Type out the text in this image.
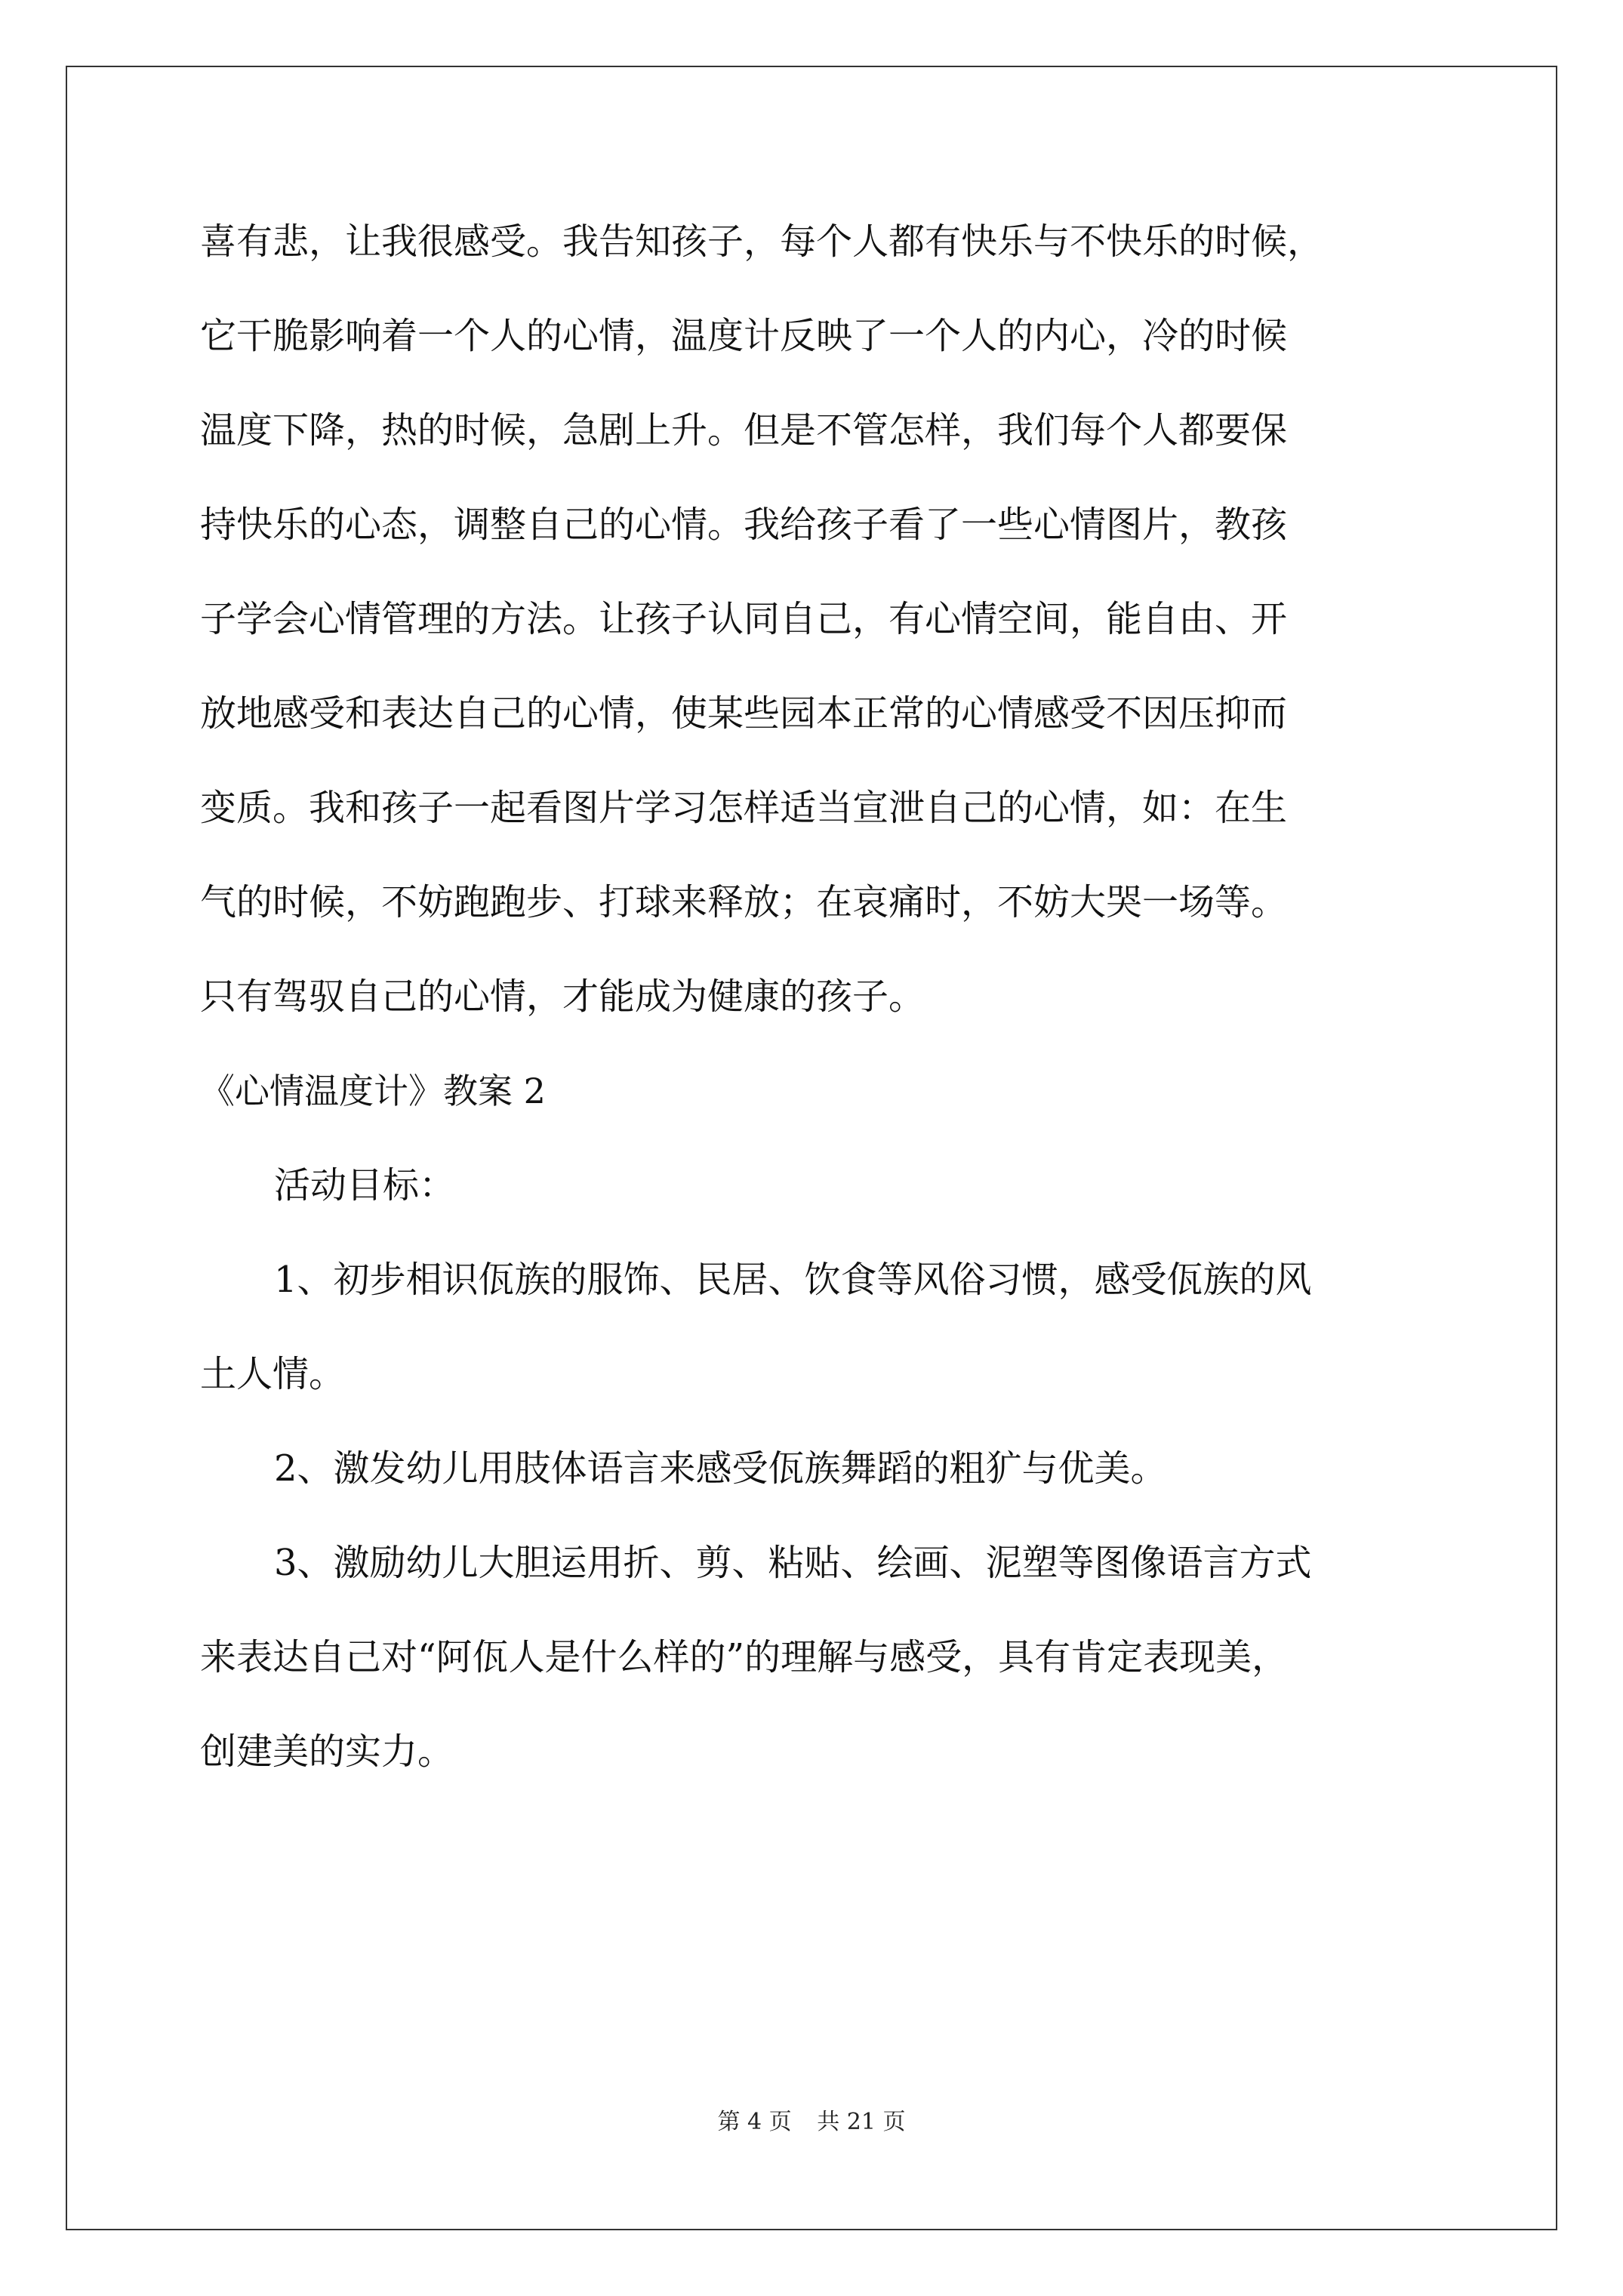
喜有悲，让我很感受。我告知孩子，每个人都有快乐与不快乐的时候，
它干脆影响着一个人的心情，温度计反映了一个人的内心，冷的时候
温度下降，热的时候，急剧上升。但是不管怎样，我们每个人都要保
持快乐的心态，调整自己的心情。我给孩子看了一些心情图片，教孩
子学会心情管理的方法。让孩子认同自己，有心情空间，能自由、开
放地感受和表达自己的心情，使某些园本正常的心情感受不因压抑而
变质。我和孩子一起看图片学习怎样适当宣泄自己的心情，如：在生
气的时候，不妨跑跑步、打球来释放；在哀痛时，不妨大哭一场等。
只有驾驭自己的心情，才能成为健康的孩子。
《心情温度计》教案 2
活动目标：
1、初步相识佤族的服饰、民居、饮食等风俗习惯，感受佤族的风
土人情。
2、激发幼儿用肢体语言来感受佤族舞蹈的粗犷与优美。
3、激励幼儿大胆运用折、剪、粘贴、绘画、泥塑等图像语言方式
来表达自己对“阿佤人是什么样的”的理解与感受，具有肯定表现美，
创建美的实力。
第 4 页 共 21 页
